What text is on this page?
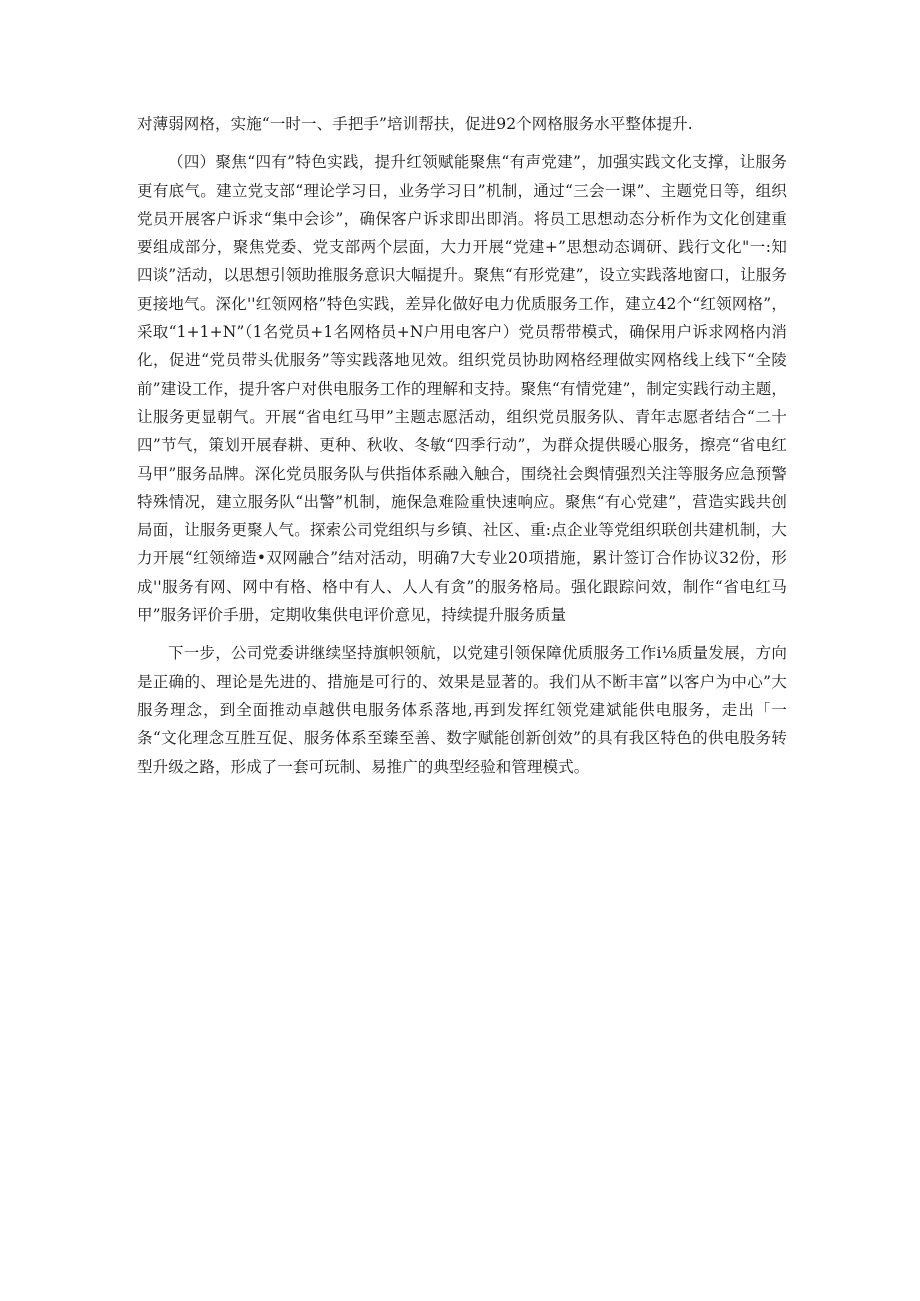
对薄弱网格，实施“一时一、手把手”培训帮扶，促进92个网格服务水平整体提升.

（四）聚焦“四有”特色实践，提升红领赋能聚焦“有声党建”，加强实践文化支撑，让服务更有底气。建立党支部“理论学习日，业务学习日”机制，通过“三会一课”、主题党日等，组织党员开展客户诉求“集中会诊”，确保客户诉求即出即消。将员工思想动态分析作为文化创建重要组成部分，聚焦党委、党支部两个层面，大力开展“党建+”思想动态调研、践行文化"一:知四谈”活动，以思想引领助推服务意识大幅提升。聚焦“有形党建”，设立实践落地窗口，让服务更接地气。深化''红领网格”特色实践，差异化做好电力优质服务工作，建立42个“红领网格”，采取“1+1+N”（1名党员+1名网格员+N户用电客户）党员帮带模式，确保用户诉求网格内消化，促进“党员带头优服务”等实践落地见效。组织党员协助网格经理做实网格线上线下“全陵前”建设工作，提升客户对供电服务工作的理解和支持。聚焦“有情党建”，制定实践行动主题，让服务更显朝气。开展“省电红马甲”主题志愿活动，组织党员服务队、青年志愿者结合“二十四”节气，策划开展春耕、更种、秋收、冬敏“四季行动”，为群众提供暖心服务，擦亮“省电红马甲”服务品牌。深化党员服务队与供指体系融入触合，围绕社会舆情强烈关注等服务应急预警特殊情况，建立服务队“出警”机制，施保急难险重快速响应。聚焦“有心党建”，营造实践共创局面，让服务更聚人气。探索公司党组织与乡镇、社区、重:点企业等党组织联创共建机制，大力开展“红领缔造•双网融合”结对活动，明确7大专业20项措施，累计签订合作协议32份，形成''服务有网、网中有格、格中有人、人人有贪”的服务格局。强化跟踪问效，制作“省电红马甲”服务评价手册，定期收集供电评价意见，持续提升服务质量

下一步，公司党委讲继续坚持旗帜领航，以党建引领保障优质服务工作i⅛质量发展，方向是正确的、理论是先进的、措施是可行的、效果是显著的。我们从不断丰富”以客户为中心”大服务理念，到全面推动卓越供电服务体系落地,再到发挥红领党建斌能供电服务，走出「一条“文化理念互胜互促、服务体系至臻至善、数字赋能创新创效”的具有我区特色的供电股务转型升级之路，形成了一套可玩制、易推广的典型经验和管理模式。
